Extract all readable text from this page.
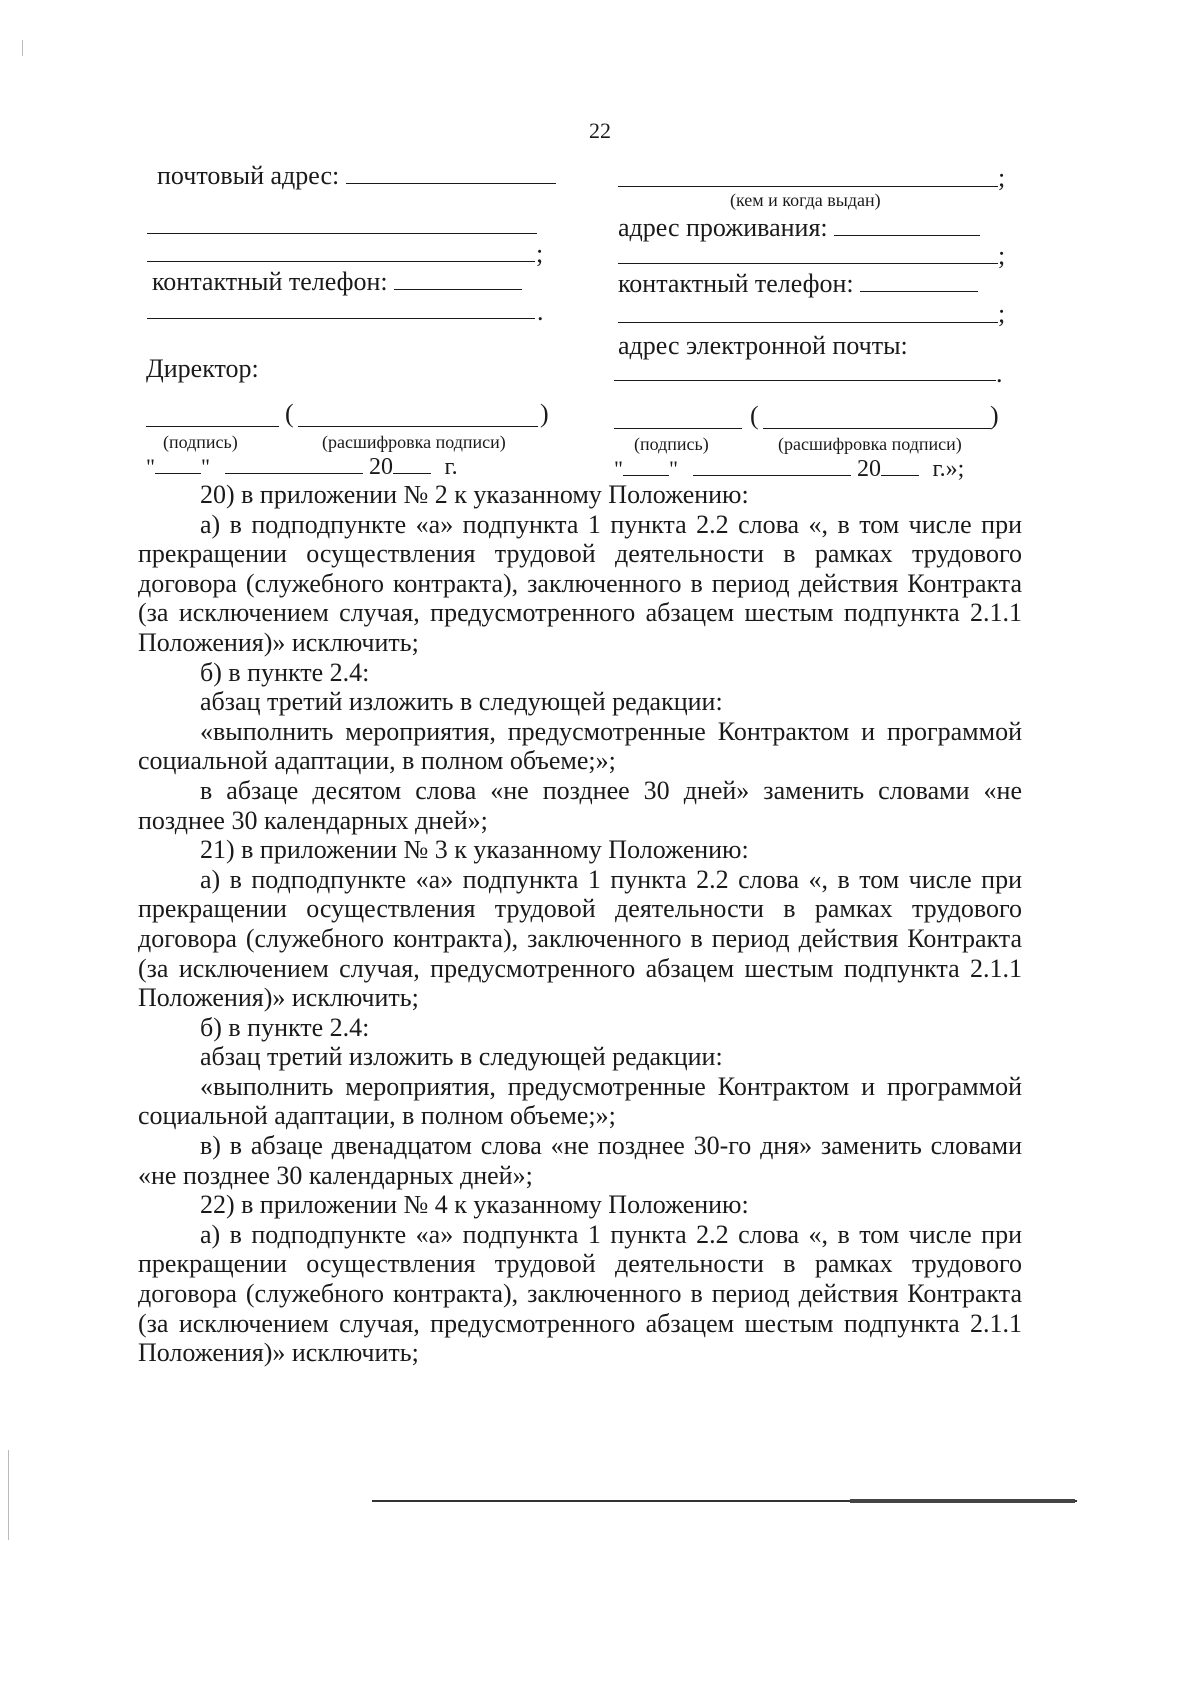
22
почтовый адрес:
;
контактный телефон:
.
Директор:
(	)
(подпись)	(расшифровка подписи)
" "	20 г.
;
(кем и когда выдан)
адрес проживания:
;
контактный телефон:
;
адрес электронной почты:
.
(	)
(подпись)	(расшифровка подписи)
" "	20 г.»;

20) в приложении № 2 к указанному Положению:

а) в подподпункте «а» подпункта 1 пункта 2.2 слова «, в том числе при прекращении осуществления трудовой деятельности в рамках трудового договора (служебного контракта), заключенного в период действия Контракта (за исключением случая, предусмотренного абзацем шестым подпункта 2.1.1 Положения)» исключить;

б) в пункте 2.4:

абзац третий изложить в следующей редакции:

«выполнить мероприятия, предусмотренные Контрактом и программой социальной адаптации, в полном объеме;»;

в абзаце десятом слова «не позднее 30 дней» заменить словами «не позднее 30 календарных дней»;

21) в приложении № 3 к указанному Положению:

а) в подподпункте «а» подпункта 1 пункта 2.2 слова «, в том числе при прекращении осуществления трудовой деятельности в рамках трудового договора (служебного контракта), заключенного в период действия Контракта (за исключением случая, предусмотренного абзацем шестым подпункта 2.1.1 Положения)» исключить;

б) в пункте 2.4:

абзац третий изложить в следующей редакции:

«выполнить мероприятия, предусмотренные Контрактом и программой социальной адаптации, в полном объеме;»;

в) в абзаце двенадцатом слова «не позднее 30-го дня» заменить словами «не позднее 30 календарных дней»;

22) в приложении № 4 к указанному Положению:

а) в подподпункте «а» подпункта 1 пункта 2.2 слова «, в том числе при прекращении осуществления трудовой деятельности в рамках трудового договора (служебного контракта), заключенного в период действия Контракта (за исключением случая, предусмотренного абзацем шестым подпункта 2.1.1 Положения)» исключить;
